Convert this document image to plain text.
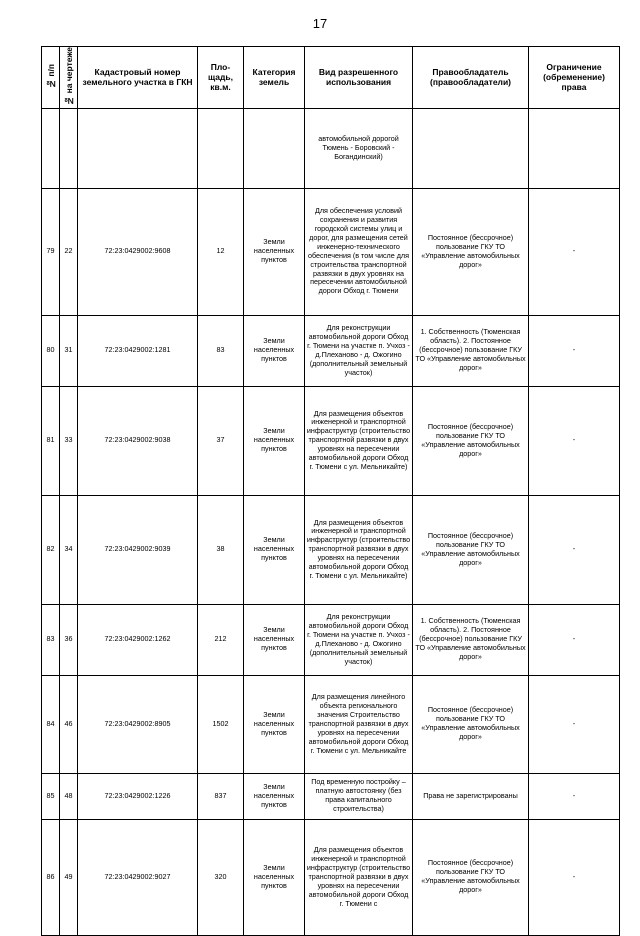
17
№ п/п	№ на чертеже	Кадастровый номер земельного участка в ГКН	Пло-щадь, кв.м.	Категория земель	Вид разрешенного использования	Правообладатель (правообладатели)	Ограничение (обременение) права
					автомобильной дорогой Тюмень - Боровский - Богандинский)		
79	22	72:23:0429002:9608	12	Земли населенных пунктов	Для обеспечения условий сохранения и развития городской системы улиц и дорог, для размещения сетей инженерно-технического обеспечения (в том числе для строительства транспортной развязки в двух уровнях на пересечении автомобильной дороги Обход г. Тюмени	Постоянное (бессрочное) пользование ГКУ ТО «Управление автомобильных дорог»	-
80	31	72:23:0429002:1281	83	Земли населенных пунктов	Для реконструкции автомобильной дороги Обход г. Тюмени на участке п. Учхоз - д.Плеханово - д. Ожогино (дополнительный земельный участок)	1. Собственность (Тюменская область). 2. Постоянное (бессрочное) пользование ГКУ ТО «Управление автомобильных дорог»	-
81	33	72:23:0429002:9038	37	Земли населенных пунктов	Для размещения объектов инженерной и транспортной инфраструктур (строительство транспортной развязки в двух уровнях на пересечении автомобильной дороги Обход г. Тюмени с ул. Мельникайте)	Постоянное (бессрочное) пользование ГКУ ТО «Управление автомобильных дорог»	-
82	34	72:23:0429002:9039	38	Земли населенных пунктов	Для размещения объектов инженерной и транспортной инфраструктур (строительство транспортной развязки в двух уровнях на пересечении автомобильной дороги Обход г. Тюмени с ул. Мельникайте)	Постоянное (бессрочное) пользование ГКУ ТО «Управление автомобильных дорог»	-
83	36	72:23:0429002:1262	212	Земли населенных пунктов	Для реконструкции автомобильной дороги Обход г. Тюмени на участке п. Учхоз - д.Плеханово - д. Ожогино (дополнительный земельный участок)	1. Собственность (Тюменская область). 2. Постоянное (бессрочное) пользование ГКУ ТО «Управление автомобильных дорог»	-
84	46	72:23:0429002:8905	1502	Земли населенных пунктов	Для размещения линейного объекта регионального значения Строительство транспортной развязки в двух уровнях на пересечении автомобильной дороги Обход г. Тюмени с ул. Мельникайте	Постоянное (бессрочное) пользование ГКУ ТО «Управление автомобильных дорог»	-
85	48	72:23:0429002:1226	837	Земли населенных пунктов	Под временную постройку – платную автостоянку (без права капитального строительства)	Права не зарегистрированы	-
86	49	72:23:0429002:9027	320	Земли населенных пунктов	Для размещения объектов инженерной и транспортной инфраструктур (строительство транспортной развязки в двух уровнях на пересечении автомобильной дороги Обход г. Тюмени с	Постоянное (бессрочное) пользование ГКУ ТО «Управление автомобильных дорог»	-
